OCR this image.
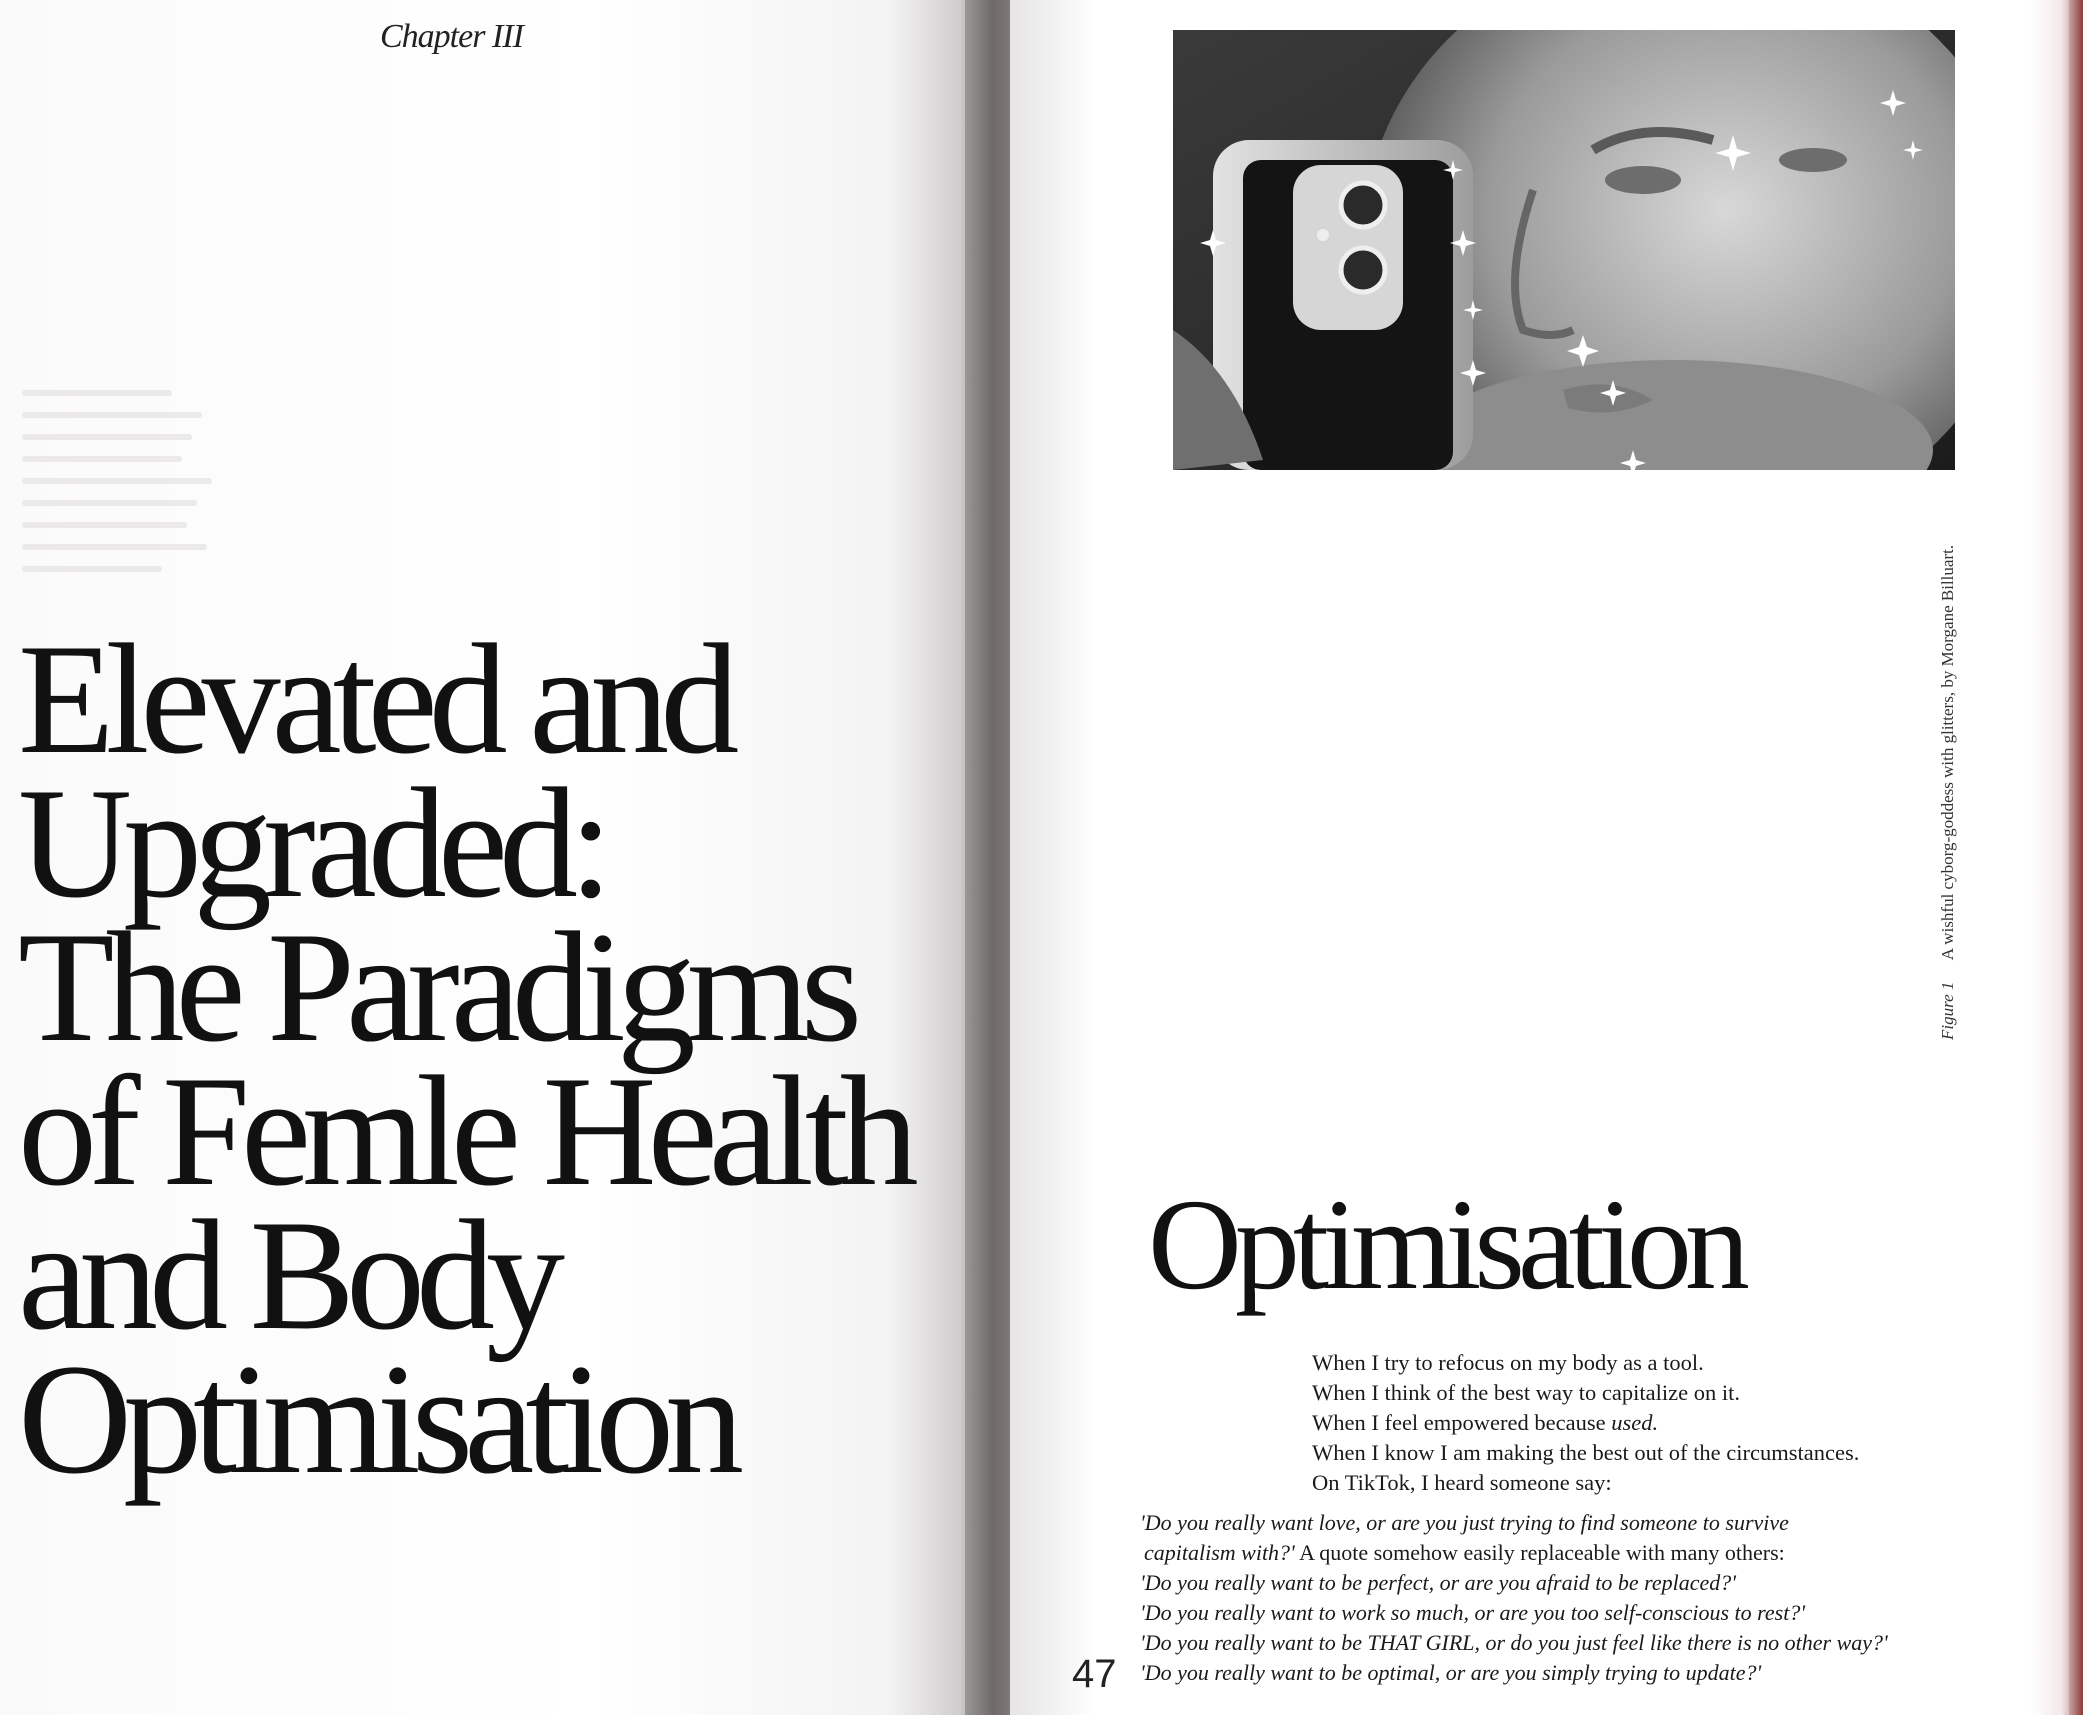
Chapter III
Elevated and
Upgraded:
The Paradigms
of Femle Health
and Body
Optimisation
Figure 1 A wishful cyborg-goddess with glitters, by Morgane Billuart.
Optimisation

When I try to refocus on my body as a tool.

When I think of the best way to capitalize on it.

When I feel empowered because used.

When I know I am making the best out of the circumstances.

On TikTok, I heard someone say:

'Do you really want love, or are you just trying to find someone to survive

capitalism with?' A quote somehow easily replaceable with many others:

'Do you really want to be perfect, or are you afraid to be replaced?'

'Do you really want to work so much, or are you too self-conscious to rest?'

'Do you really want to be THAT GIRL, or do you just feel like there is no other way?'

'Do you really want to be optimal, or are you simply trying to update?'

47
